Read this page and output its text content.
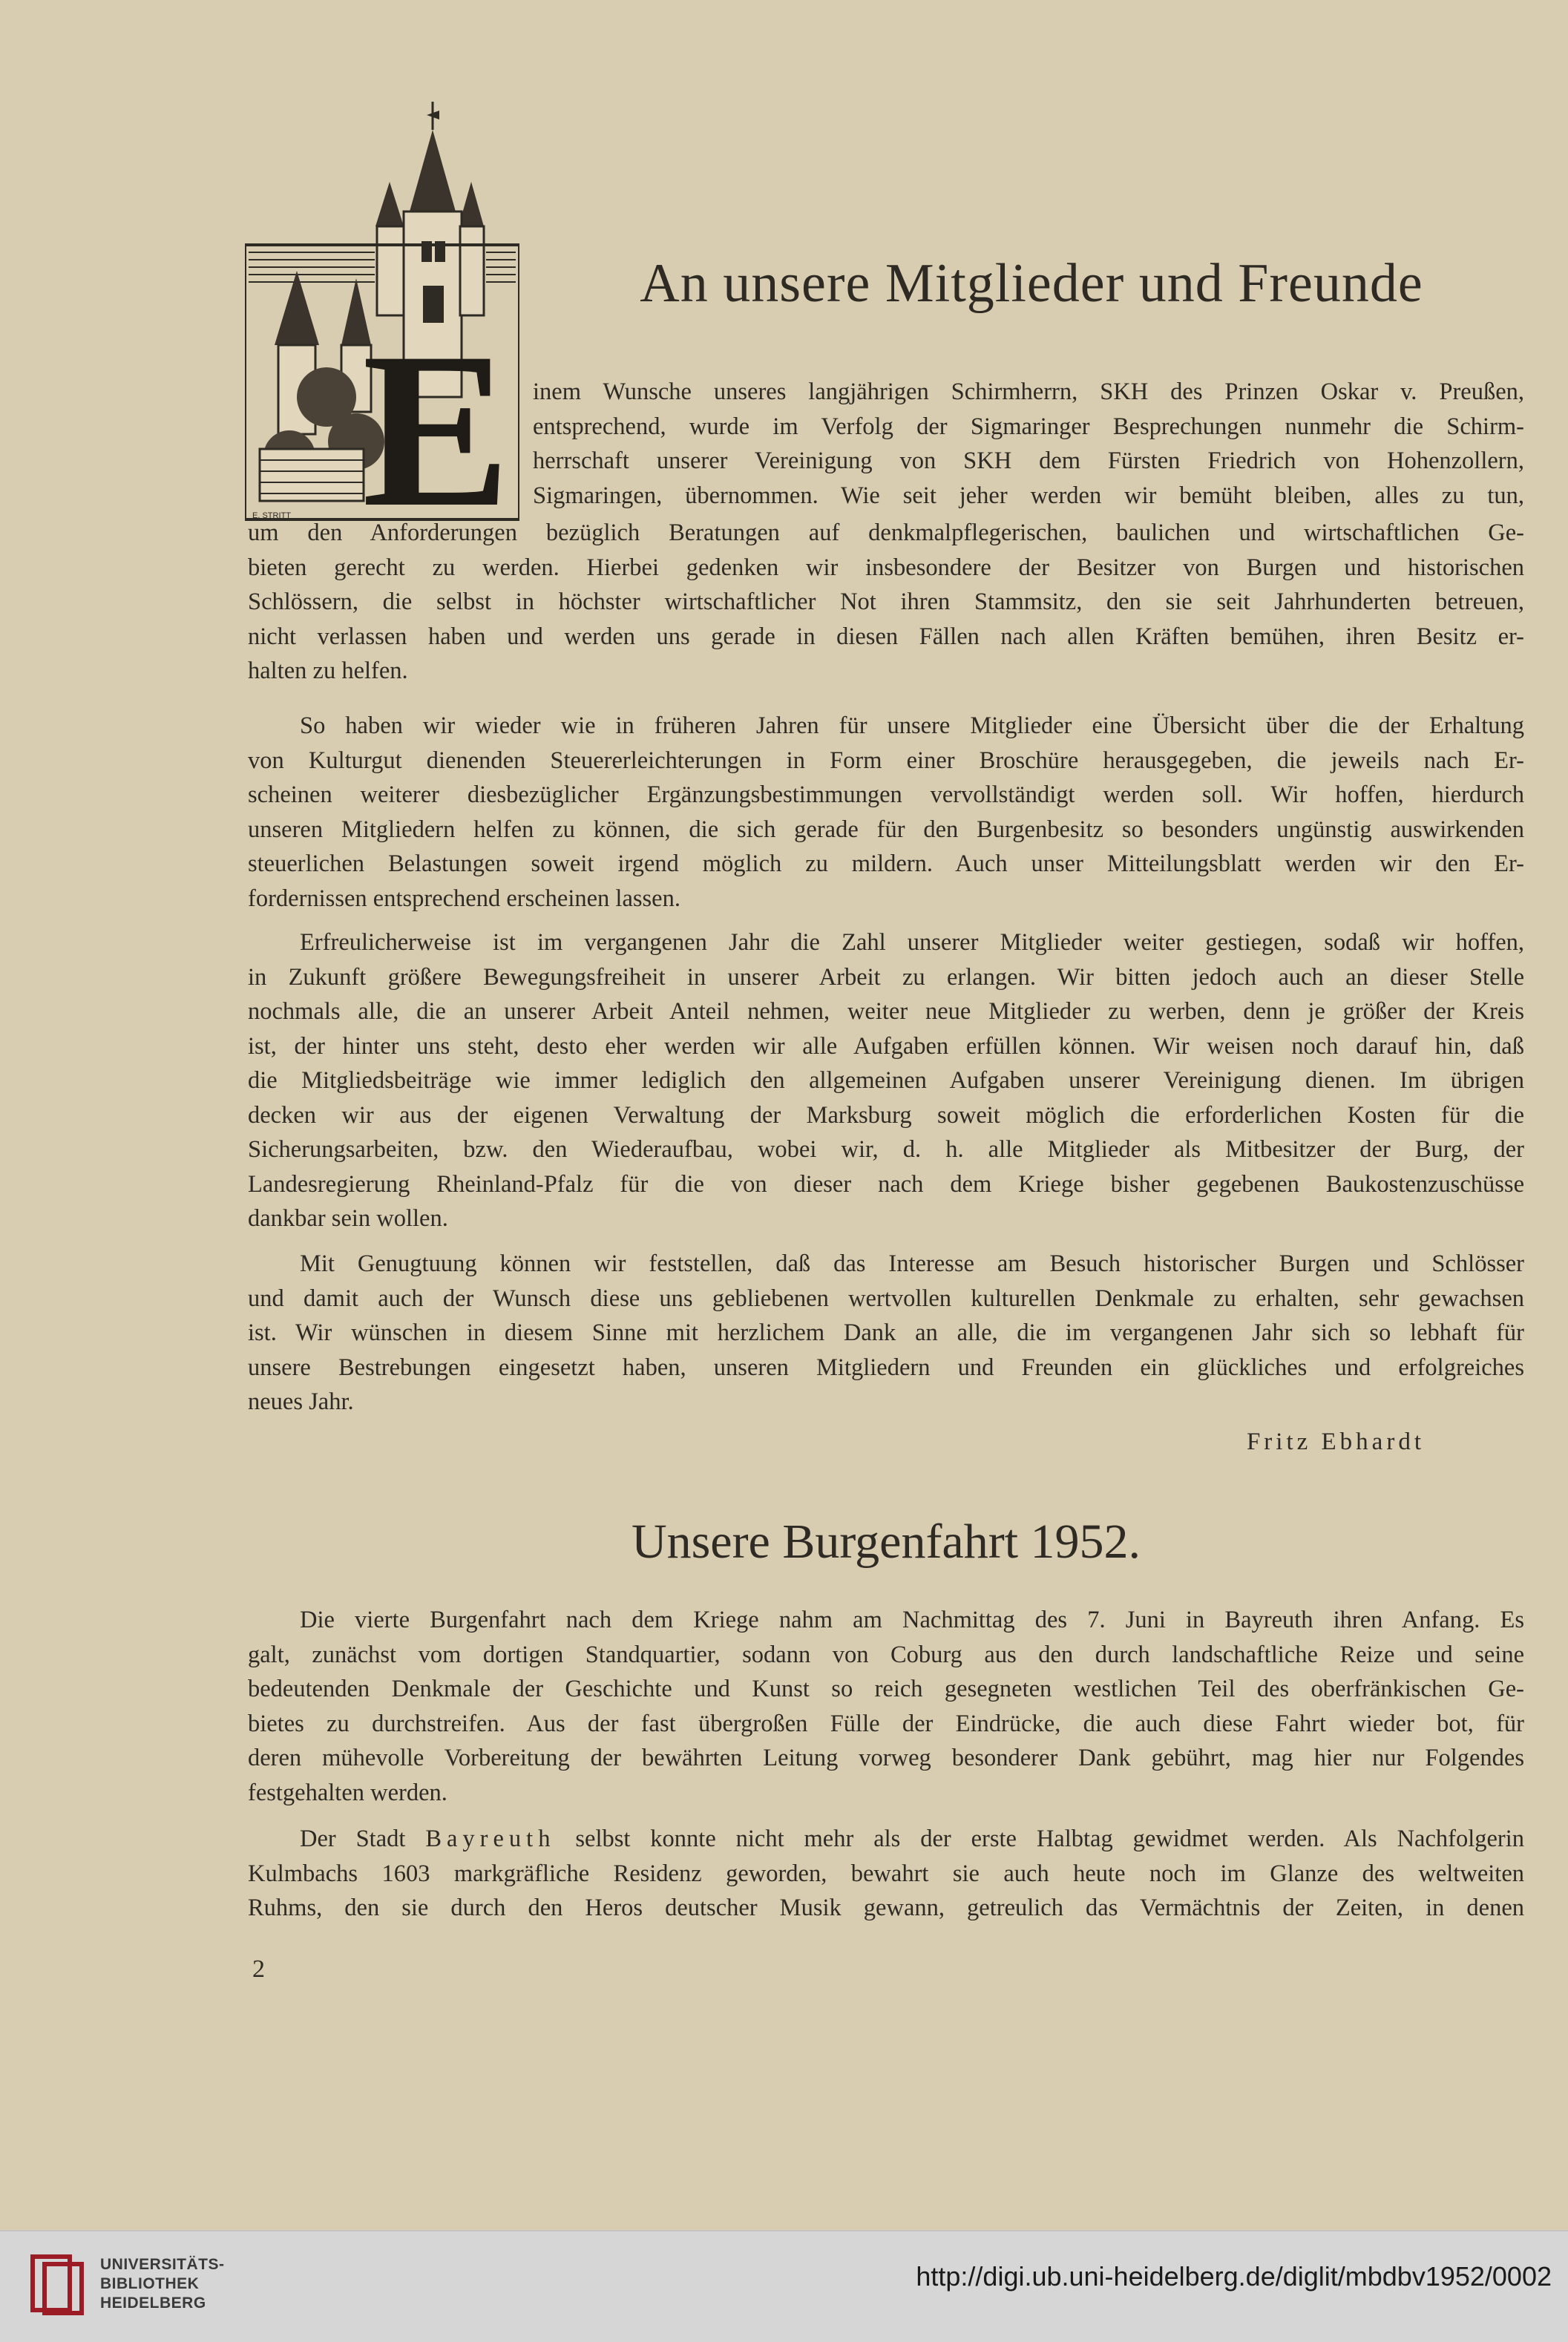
E
E. STRITT
An unsere Mitglieder und Freunde
inem Wunsche unseres langjährigen Schirmherrn, SKH des Prinzen Oskar v. Preußen,
entsprechend, wurde im Verfolg der Sigmaringer Besprechungen nunmehr die Schirm-
herrschaft unserer Vereinigung von SKH dem Fürsten Friedrich von Hohenzollern,
Sigmaringen, übernommen. Wie seit jeher werden wir bemüht bleiben, alles zu tun,
um den Anforderungen bezüglich Beratungen auf denkmalpflegerischen, baulichen und wirtschaftlichen Ge-
bieten gerecht zu werden. Hierbei gedenken wir insbesondere der Besitzer von Burgen und historischen
Schlössern, die selbst in höchster wirtschaftlicher Not ihren Stammsitz, den sie seit Jahrhunderten betreuen,
nicht verlassen haben und werden uns gerade in diesen Fällen nach allen Kräften bemühen, ihren Besitz er-
halten zu helfen.
So haben wir wieder wie in früheren Jahren für unsere Mitglieder eine Übersicht über die der Erhaltung
von Kulturgut dienenden Steuererleichterungen in Form einer Broschüre herausgegeben, die jeweils nach Er-
scheinen weiterer diesbezüglicher Ergänzungsbestimmungen vervollständigt werden soll. Wir hoffen, hierdurch
unseren Mitgliedern helfen zu können, die sich gerade für den Burgenbesitz so besonders ungünstig auswirkenden
steuerlichen Belastungen soweit irgend möglich zu mildern. Auch unser Mitteilungsblatt werden wir den Er-
fordernissen entsprechend erscheinen lassen.
Erfreulicherweise ist im vergangenen Jahr die Zahl unserer Mitglieder weiter gestiegen, sodaß wir hoffen,
in Zukunft größere Bewegungsfreiheit in unserer Arbeit zu erlangen. Wir bitten jedoch auch an dieser Stelle
nochmals alle, die an unserer Arbeit Anteil nehmen, weiter neue Mitglieder zu werben, denn je größer der Kreis
ist, der hinter uns steht, desto eher werden wir alle Aufgaben erfüllen können. Wir weisen noch darauf hin, daß
die Mitgliedsbeiträge wie immer lediglich den allgemeinen Aufgaben unserer Vereinigung dienen. Im übrigen
decken wir aus der eigenen Verwaltung der Marksburg soweit möglich die erforderlichen Kosten für die
Sicherungsarbeiten, bzw. den Wiederaufbau, wobei wir, d. h. alle Mitglieder als Mitbesitzer der Burg, der
Landesregierung Rheinland-Pfalz für die von dieser nach dem Kriege bisher gegebenen Baukostenzuschüsse
dankbar sein wollen.
Mit Genugtuung können wir feststellen, daß das Interesse am Besuch historischer Burgen und Schlösser
und damit auch der Wunsch diese uns gebliebenen wertvollen kulturellen Denkmale zu erhalten, sehr gewachsen
ist. Wir wünschen in diesem Sinne mit herzlichem Dank an alle, die im vergangenen Jahr sich so lebhaft für
unsere Bestrebungen eingesetzt haben, unseren Mitgliedern und Freunden ein glückliches und erfolgreiches
neues Jahr.
Fritz Ebhardt
Unsere Burgenfahrt 1952.
Die vierte Burgenfahrt nach dem Kriege nahm am Nachmittag des 7. Juni in Bayreuth ihren Anfang. Es
galt, zunächst vom dortigen Standquartier, sodann von Coburg aus den durch landschaftliche Reize und seine
bedeutenden Denkmale der Geschichte und Kunst so reich gesegneten westlichen Teil des oberfränkischen Ge-
bietes zu durchstreifen. Aus der fast übergroßen Fülle der Eindrücke, die auch diese Fahrt wieder bot, für
deren mühevolle Vorbereitung der bewährten Leitung vorweg besonderer Dank gebührt, mag hier nur Folgendes
festgehalten werden.
Der Stadt Bayreuth selbst konnte nicht mehr als der erste Halbtag gewidmet werden. Als Nachfolgerin
Kulmbachs 1603 markgräfliche Residenz geworden, bewahrt sie auch heute noch im Glanze des weltweiten
Ruhms, den sie durch den Heros deutscher Musik gewann, getreulich das Vermächtnis der Zeiten, in denen
2
UNIVERSITÄTS-
BIBLIOTHEK
HEIDELBERG
http://digi.ub.uni-heidelberg.de/diglit/mbdbv1952/0002
